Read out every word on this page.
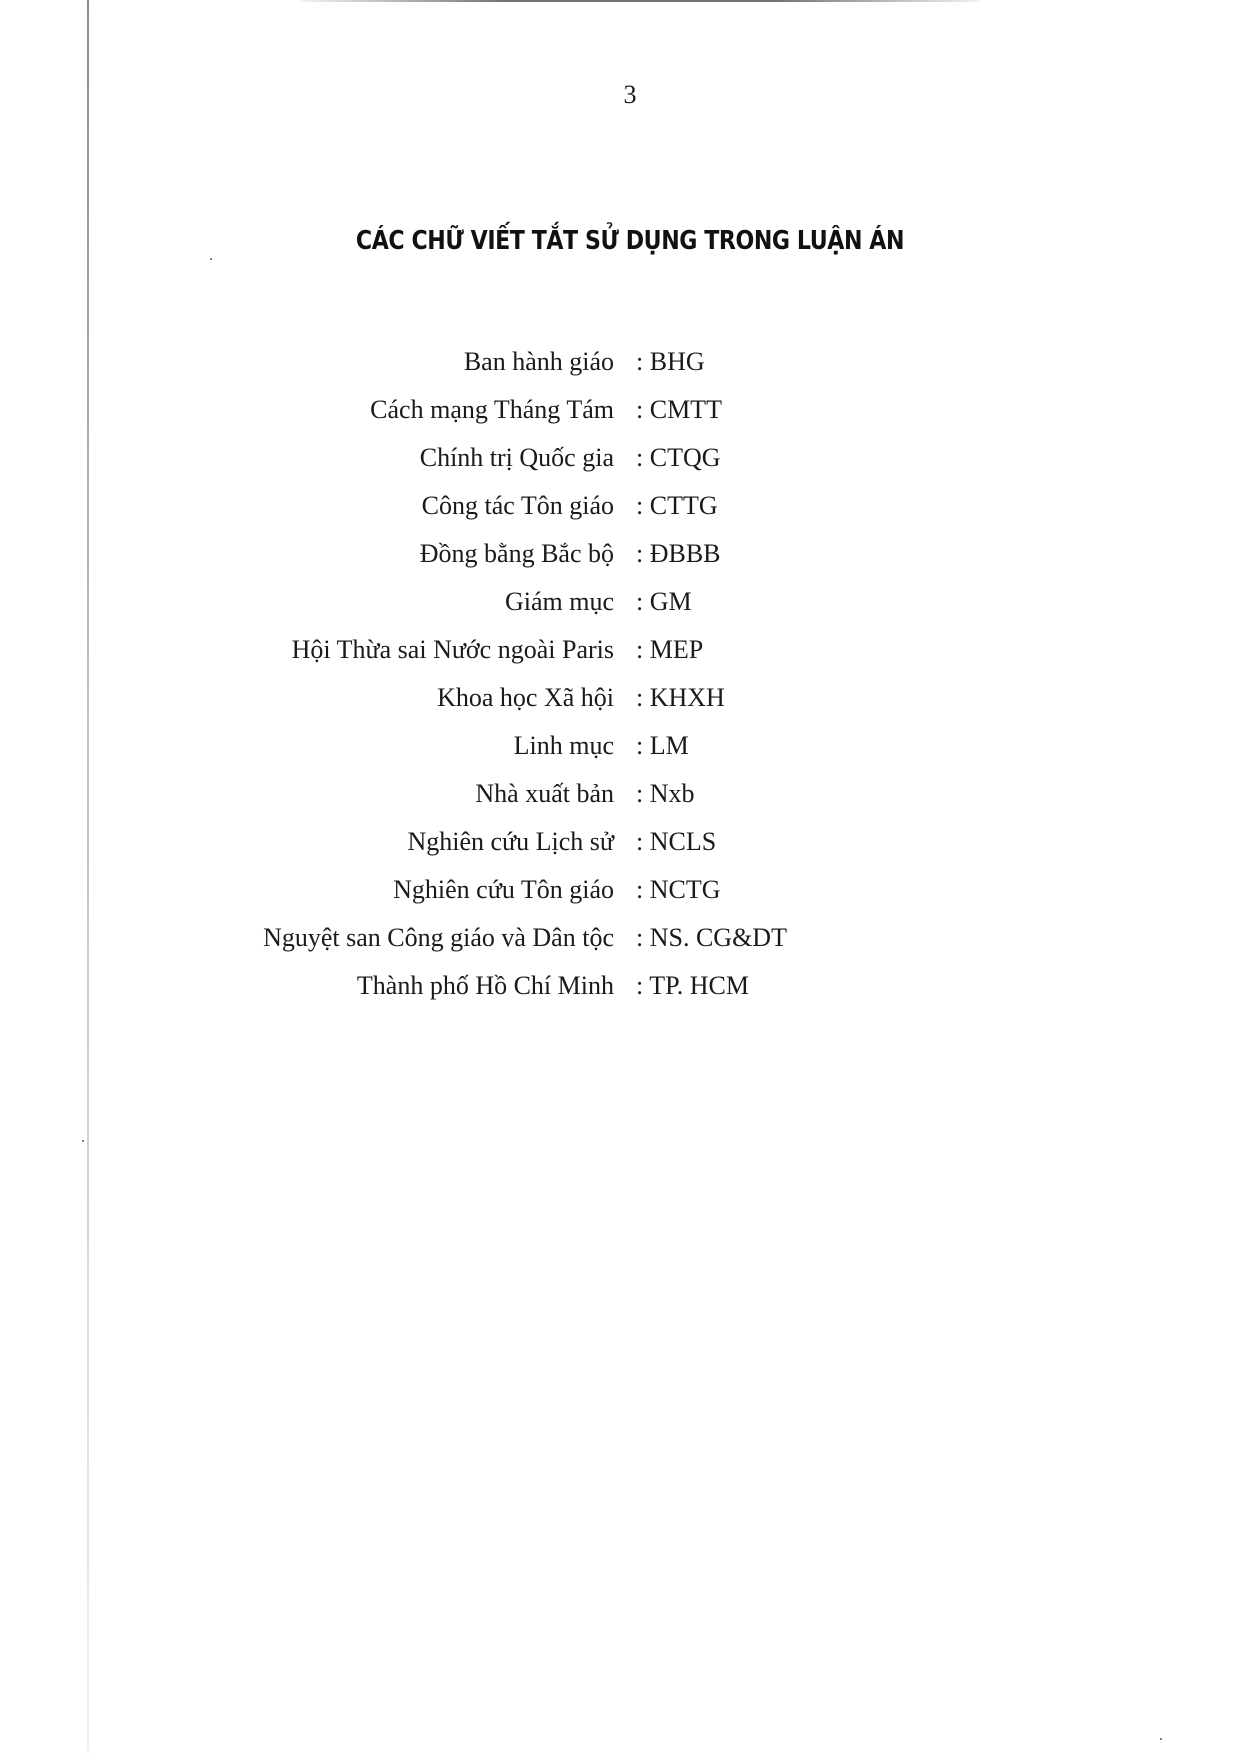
3
CÁC CHỮ VIẾT TẮT SỬ DỤNG TRONG LUẬN ÁN
Ban hành giáo : BHG
Cách mạng Tháng Tám : CMTT
Chính trị Quốc gia : CTQG
Công tác Tôn giáo : CTTG
Đồng bằng Bắc bộ : ĐBBB
Giám mục : GM
Hội Thừa sai Nước ngoài Paris : MEP
Khoa học Xã hội : KHXH
Linh mục : LM
Nhà xuất bản : Nxb
Nghiên cứu Lịch sử : NCLS
Nghiên cứu Tôn giáo : NCTG
Nguyệt san Công giáo và Dân tộc : NS. CG&DT
Thành phố Hồ Chí Minh : TP. HCM
